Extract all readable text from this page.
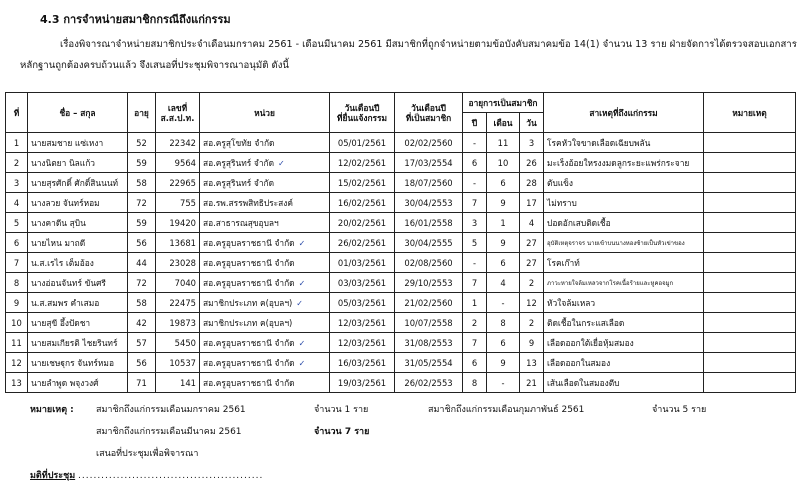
4.3 การจำหน่ายสมาชิกกรณีถึงแก่กรรม
เรื่องพิจารณาจำหน่ายสมาชิกประจำเดือนมกราคม 2561 - เดือนมีนาคม 2561 มีสมาชิกที่ถูกจำหน่ายตามข้อบังคับสมาคมข้อ 14(1) จำนวน 13 ราย ฝ่ายจัดการได้ตรวจสอบเอกสาร
หลักฐานถูกต้องครบถ้วนแล้ว จึงเสนอที่ประชุมพิจารณาอนุมัติ ดังนี้
ที่	ชื่อ – สกุล	อายุ	เลขที่
ส.ส.ป.ท.	หน่วย	วันเดือนปี
ที่ยื่นแจ้งกรรม	วันเดือนปี
ที่เป็นสมาชิก	อายุการเป็นสมาชิก			สาเหตุที่ถึงแก่กรรม	หมายเหตุ
							ปี	เดือน	วัน		
1	นายสมชาย แซ่เหงา	52	22342	สอ.ครูสุโขทัย จำกัด	05/01/2561	02/02/2560	-	11	3	โรคหัวใจขาดเลือดเฉียบพลัน	
2	นางนิตยา นิลแก้ว	59	9564	สอ.ครูสุรินทร์ จำกัด ✓	12/02/2561	17/03/2554	6	10	26	มะเร็งอ้อยใหรงงมดลูกระยะแพร่กระจาย	
3	นายสุรศักดิ์ ศักดิ์สินนนท์	58	22965	สอ.ครูสุรินทร์ จำกัด	15/02/2561	18/07/2560	-	6	28	ตับแข็ง	
4	นางลวย จันทร์หอม	72	755	สอ.รพ.สรรพสิทธิประสงค์	16/02/2561	30/04/2553	7	9	17	ไม่ทราบ	
5	นางคาดีน สุบิน	59	19420	สอ.สาธารณสุขอุบลฯ	20/02/2561	16/01/2558	3	1	4	ปอดอักเสบติดเชื้อ	
6	นายไหน มาถดี	56	13681	สอ.ครูอุบลราชธานี จำกัด ✓	26/02/2561	30/04/2555	5	9	27	อุบัติเหตุจราจร นายเข้าบนนางหองซ้ายเป็นหัวเข่าของ	
7	น.ส.เรไร เต็มอ้อง	44	23028	สอ.ครูอุบลราชธานี จำกัด	01/03/2561	02/08/2560	-	6	27	โรคเก๊าท์	
8	นางอ่อนจันทร์ ขันศรี	72	7040	สอ.ครูอุบลราชธานี จำกัด ✓	03/03/2561	29/10/2553	7	4	2	ภาวะหายใจล้มเหลวจากโรคเนื้อร้ายและหูคอจมูก	
9	น.ส.สมพร คำเสมอ	58	22475	สมาชิกประเภท ค(อุบลฯ) ✓	05/03/2561	21/02/2560	1	-	12	หัวใจล้มเหลว	
10	นายสุขี อึ้งปัดชา	42	19873	สมาชิกประเภท ค(อุบลฯ)	12/03/2561	10/07/2558	2	8	2	ติดเชื้อในกระแสเลือด	
11	นายสมเกียรติ ไชยรินทร์	57	5450	สอ.ครูอุบลราชธานี จำกัด ✓	12/03/2561	31/08/2553	7	6	9	เลือดออกใต้เยื่อหุ้มสมอง	
12	นายเชษฐุกร จันทร์หมอ	56	10537	สอ.ครูอุบลราชธานี จำกัด ✓	16/03/2561	31/05/2554	6	9	13	เลือดออกในสมอง	
13	นายลำพูด พจุงวงศ์	71	141	สอ.ครูอุบลราชธานี จำกัด	19/03/2561	26/02/2553	8	-	21	เส้นเลือดในสมองตีบ	
หมายเหตุ : สมาชิกถึงแก่กรรมเดือนมกราคม 2561	จำนวน 1 ราย	สมาชิกถึงแก่กรรมเดือนกุมภาพันธ์ 2561	จำนวน 5 ราย
สมาชิกถึงแก่กรรมเดือนมีนาคม 2561	จำนวน 7 ราย
เสนอที่ประชุมเพื่อพิจารณา
มติที่ประชุม ................................................
